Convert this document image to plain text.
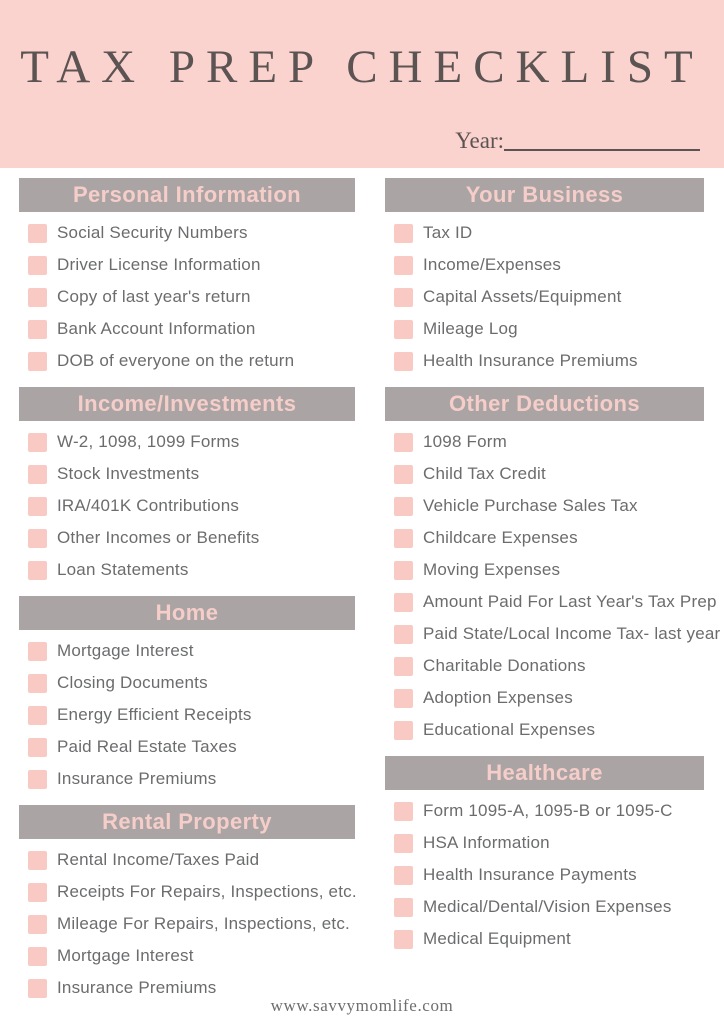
TAX PREP CHECKLIST
Year:
Personal Information
Social Security Numbers
Driver License Information
Copy of last year's return
Bank Account Information
DOB of everyone on the return
Income/Investments
W-2, 1098, 1099 Forms
Stock Investments
IRA/401K Contributions
Other Incomes or Benefits
Loan Statements
Home
Mortgage Interest
Closing Documents
Energy Efficient Receipts
Paid Real Estate Taxes
Insurance Premiums
Rental Property
Rental Income/Taxes Paid
Receipts For Repairs, Inspections, etc.
Mileage For Repairs, Inspections, etc.
Mortgage Interest
Insurance Premiums
Your Business
Tax ID
Income/Expenses
Capital Assets/Equipment
Mileage Log
Health Insurance Premiums
Other Deductions
1098 Form
Child Tax Credit
Vehicle Purchase Sales Tax
Childcare Expenses
Moving Expenses
Amount Paid For Last Year's Tax Prep
Paid State/Local Income Tax- last year
Charitable Donations
Adoption Expenses
Educational Expenses
Healthcare
Form 1095-A, 1095-B or 1095-C
HSA Information
Health Insurance Payments
Medical/Dental/Vision Expenses
Medical Equipment
www.savvymomlife.com
